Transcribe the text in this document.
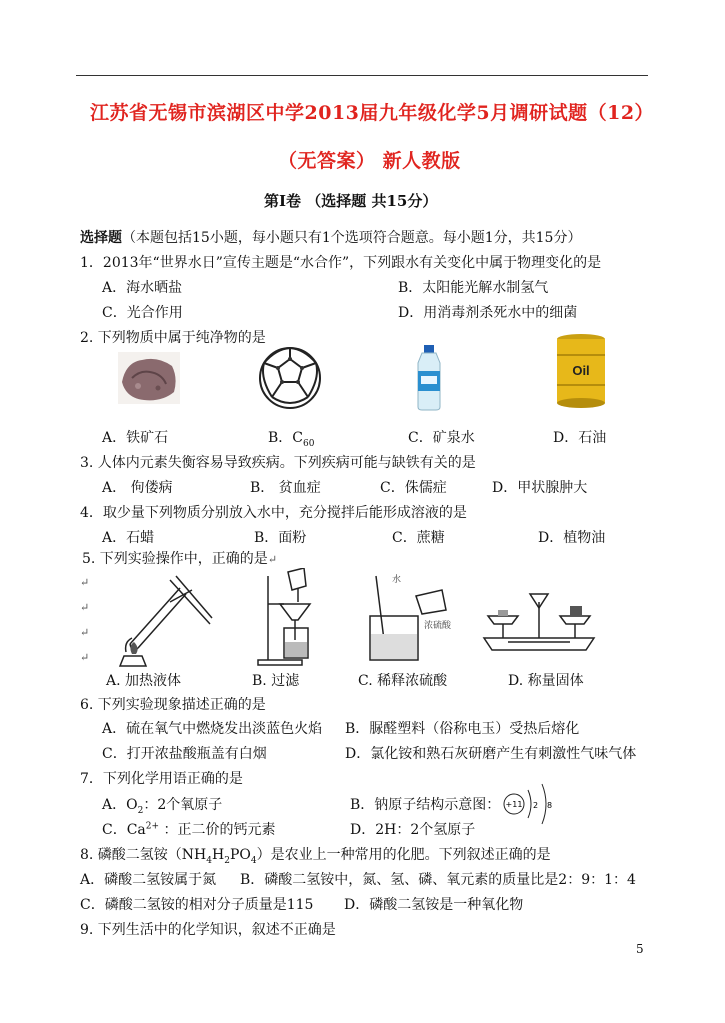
江苏省无锡市滨湖区中学2013届九年级化学5月调研试题（12）
（无答案） 新人教版
第Ⅰ卷 （选择题 共15分）
选择题（本题包括15小题，每小题只有1个选项符合题意。每小题1分，共15分）
1．2013年“世界水日”宣传主题是“水合作”，下列跟水有关变化中属于物理变化的是
A．海水晒盐	B．太阳能光解水制氢气
C．光合作用	D．用消毒剂杀死水中的细菌
2. 下列物质中属于纯净物的是
Oil
A．铁矿石	B．$C_{60}$	C．矿泉水	D．石油
3. 人体内元素失衡容易导致疾病。下列疾病可能与缺铁有关的是
A． 佝偻病	B． 贫血症	C．侏儒症	D．甲状腺肿大
4．取少量下列物质分别放入水中，充分搅拌后能形成溶液的是
A．石蜡	B．面粉	C．蔗糖	D．植物油
5. 下列实验操作中，正确的是↵
↵
↵
↵
↵
水
浓硫酸
A. 加热液体	B. 过滤	C. 稀释浓硫酸	D. 称量固体
6. 下列实验现象描述正确的是
A．硫在氧气中燃烧发出淡蓝色火焰 B．脲醛塑料（俗称电玉）受热后熔化
C．打开浓盐酸瓶盖有白烟	D．氯化铵和熟石灰研磨产生有刺激性气味气体
7．下列化学用语正确的是
A．$O_2$：2个氧原子	B．钠原子结构示意图： +11 2 8
C．$Ca^{2+}$ ：正二价的钙元素	D．2H：2个氢原子
8. 磷酸二氢铵$(NH_4H_2PO_4)$是农业上一种常用的化肥。下列叙述正确的是
A．磷酸二氢铵属于氮 B．磷酸二氢铵中，氮、氢、磷、氧元素的质量比是2：9：1：4
C．磷酸二氢铵的相对分子质量是115 D．磷酸二氢铵是一种氧化物
9. 下列生活中的化学知识，叙述不正确是
5
